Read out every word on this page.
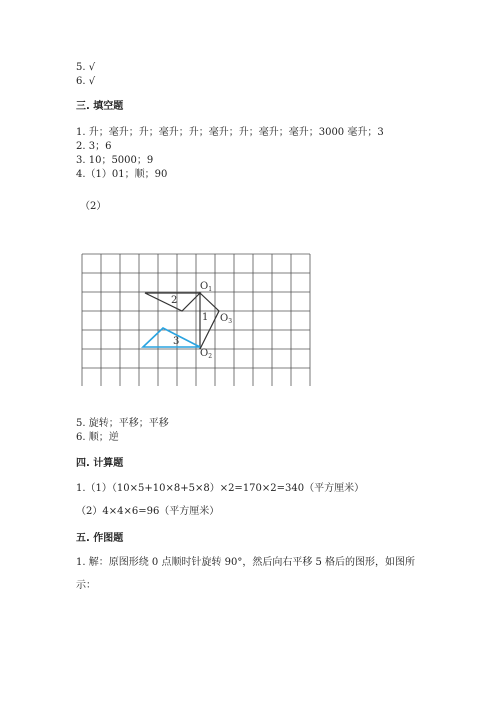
5. √
6. √
三. 填空题
1. 升；毫升；升；毫升；升；毫升；升；毫升；毫升；3000 毫升；3
2. 3；6
3. 10；5000；9
4.（1）01；顺；90
（2）
2
1
3
$O_1$
$O_3$
$O_2$
5. 旋转；平移；平移
6. 顺；逆
四. 计算题
1.（1）（10×5+10×8+5×8）×2=170×2=340（平方厘米）
（2）4×4×6=96（平方厘米）
五. 作图题
1. 解：原图形绕 0 点顺时针旋转 90°，然后向右平移 5 格后的图形，如图所
示：
